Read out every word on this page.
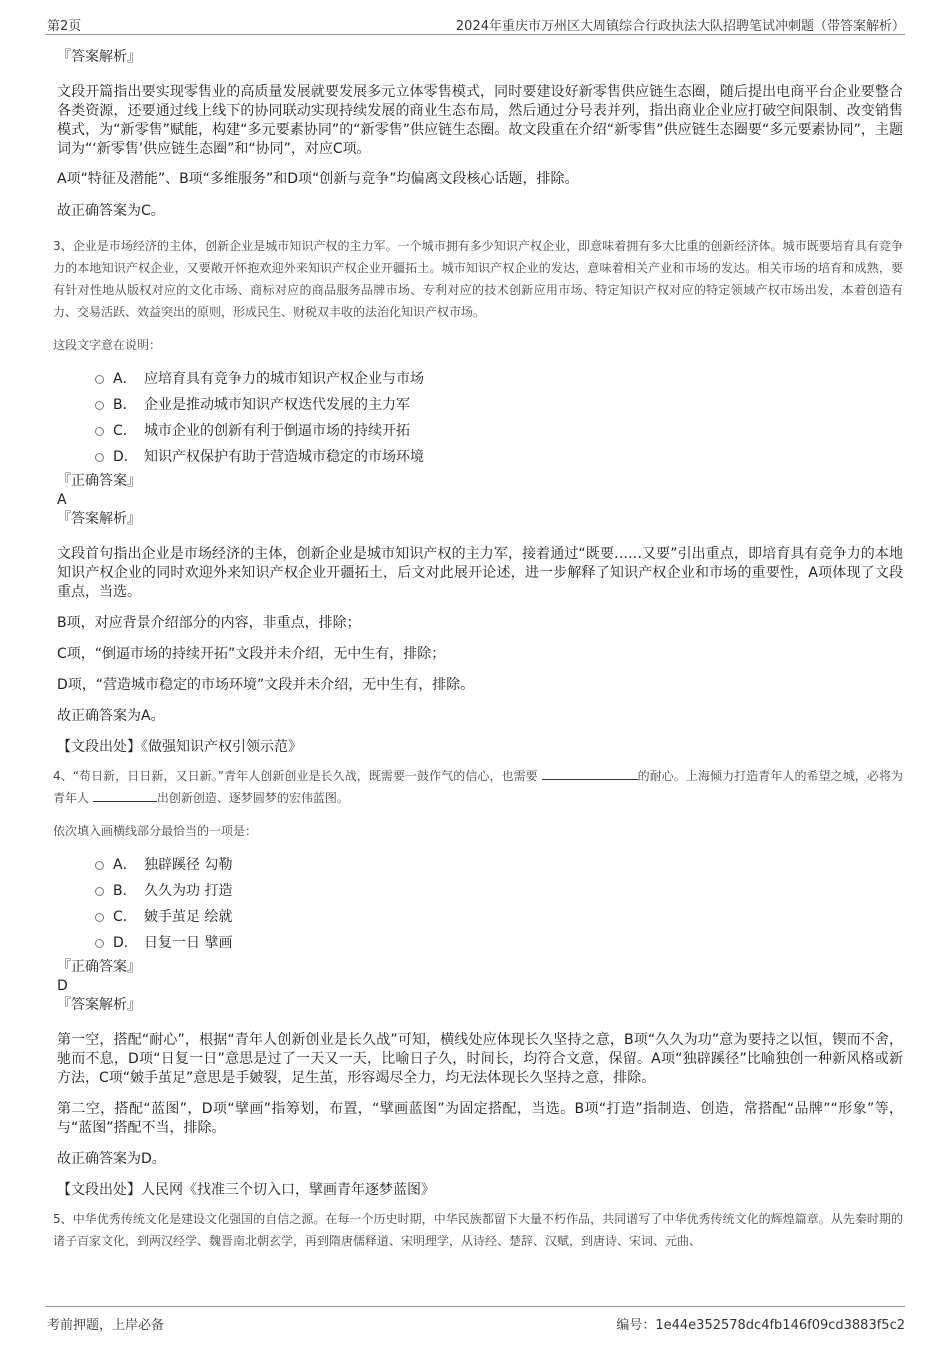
第2页	2024年重庆市万州区大周镇综合行政执法大队招聘笔试冲刺题（带答案解析）
『答案解析』
文段开篇指出要实现零售业的高质量发展就要发展多元立体零售模式，同时要建设好新零售供应链生态圈，随后提出电商平台企业要整合各类资源，还要通过线上线下的协同联动实现持续发展的商业生态布局，然后通过分号表并列，指出商业企业应打破空间限制、改变销售模式，为“新零售”赋能，构建“多元要素协同”的“新零售”供应链生态圈。故文段重在介绍“新零售”供应链生态圈要“多元要素协同”，主题词为“‘新零售’供应链生态圈”和“协同”，对应C项。
A项“特征及潜能”、B项“多维服务”和D项“创新与竞争”均偏离文段核心话题，排除。
故正确答案为C。
3、企业是市场经济的主体，创新企业是城市知识产权的主力军。一个城市拥有多少知识产权企业，即意味着拥有多大比重的创新经济体。城市既要培育具有竞争力的本地知识产权企业，又要敞开怀抱欢迎外来知识产权企业开疆拓土。城市知识产权企业的发达，意味着相关产业和市场的发达。相关市场的培育和成熟，要有针对性地从版权对应的文化市场、商标对应的商品服务品牌市场、专利对应的技术创新应用市场、特定知识产权对应的特定领域产权市场出发，本着创造有力、交易活跃、效益突出的原则，形成民生、财税双丰收的法治化知识产权市场。
这段文字意在说明：
A． 应培育具有竞争力的城市知识产权企业与市场
B． 企业是推动城市知识产权迭代发展的主力军
C． 城市企业的创新有利于倒逼市场的持续开拓
D． 知识产权保护有助于营造城市稳定的市场环境
『正确答案』
A
『答案解析』
文段首句指出企业是市场经济的主体，创新企业是城市知识产权的主力军，接着通过“既要……又要”引出重点，即培育具有竞争力的本地知识产权企业的同时欢迎外来知识产权企业开疆拓土，后文对此展开论述，进一步解释了知识产权企业和市场的重要性，A项体现了文段重点，当选。
B项，对应背景介绍部分的内容，非重点，排除；
C项，“倒逼市场的持续开拓”文段并未介绍，无中生有，排除；
D项，“营造城市稳定的市场环境”文段并未介绍，无中生有，排除。
故正确答案为A。
【文段出处】《做强知识产权引领示范》
4、“苟日新，日日新，又日新。”青年人创新创业是长久战，既需要一鼓作气的信心，也需要	的耐心。上海倾力打造青年人的希望之城，必将为青年人	出创新创造、逐梦圆梦的宏伟蓝图。
依次填入画横线部分最恰当的一项是：
A． 独辟蹊径 勾勒
B． 久久为功 打造
C． 皴手茧足 绘就
D． 日复一日 擘画
『正确答案』
D
『答案解析』
第一空，搭配“耐心”，根据“青年人创新创业是长久战”可知，横线处应体现长久坚持之意，B项“久久为功”意为要持之以恒，锲而不舍，驰而不息，D项“日复一日”意思是过了一天又一天，比喻日子久，时间长，均符合文意，保留。A项“独辟蹊径”比喻独创一种新风格或新方法，C项“皴手茧足”意思是手皴裂，足生茧，形容竭尽全力，均无法体现长久坚持之意，排除。
第二空，搭配“蓝图”，D项“擘画”指筹划，布置，“擘画蓝图”为固定搭配，当选。B项“打造”指制造、创造，常搭配“品牌”“形象”等，与“蓝图”搭配不当，排除。
故正确答案为D。
【文段出处】人民网《找准三个切入口，擘画青年逐梦蓝图》
5、中华优秀传统文化是建设文化强国的自信之源。在每一个历史时期，中华民族都留下大量不朽作品，共同谱写了中华优秀传统文化的辉煌篇章。从先秦时期的诸子百家文化，到两汉经学、魏晋南北朝玄学，再到隋唐儒释道、宋明理学，从诗经、楚辞、汉赋，到唐诗、宋词、元曲、
考前押题，上岸必备	编号：1e44e352578dc4fb146f09cd3883f5c2
